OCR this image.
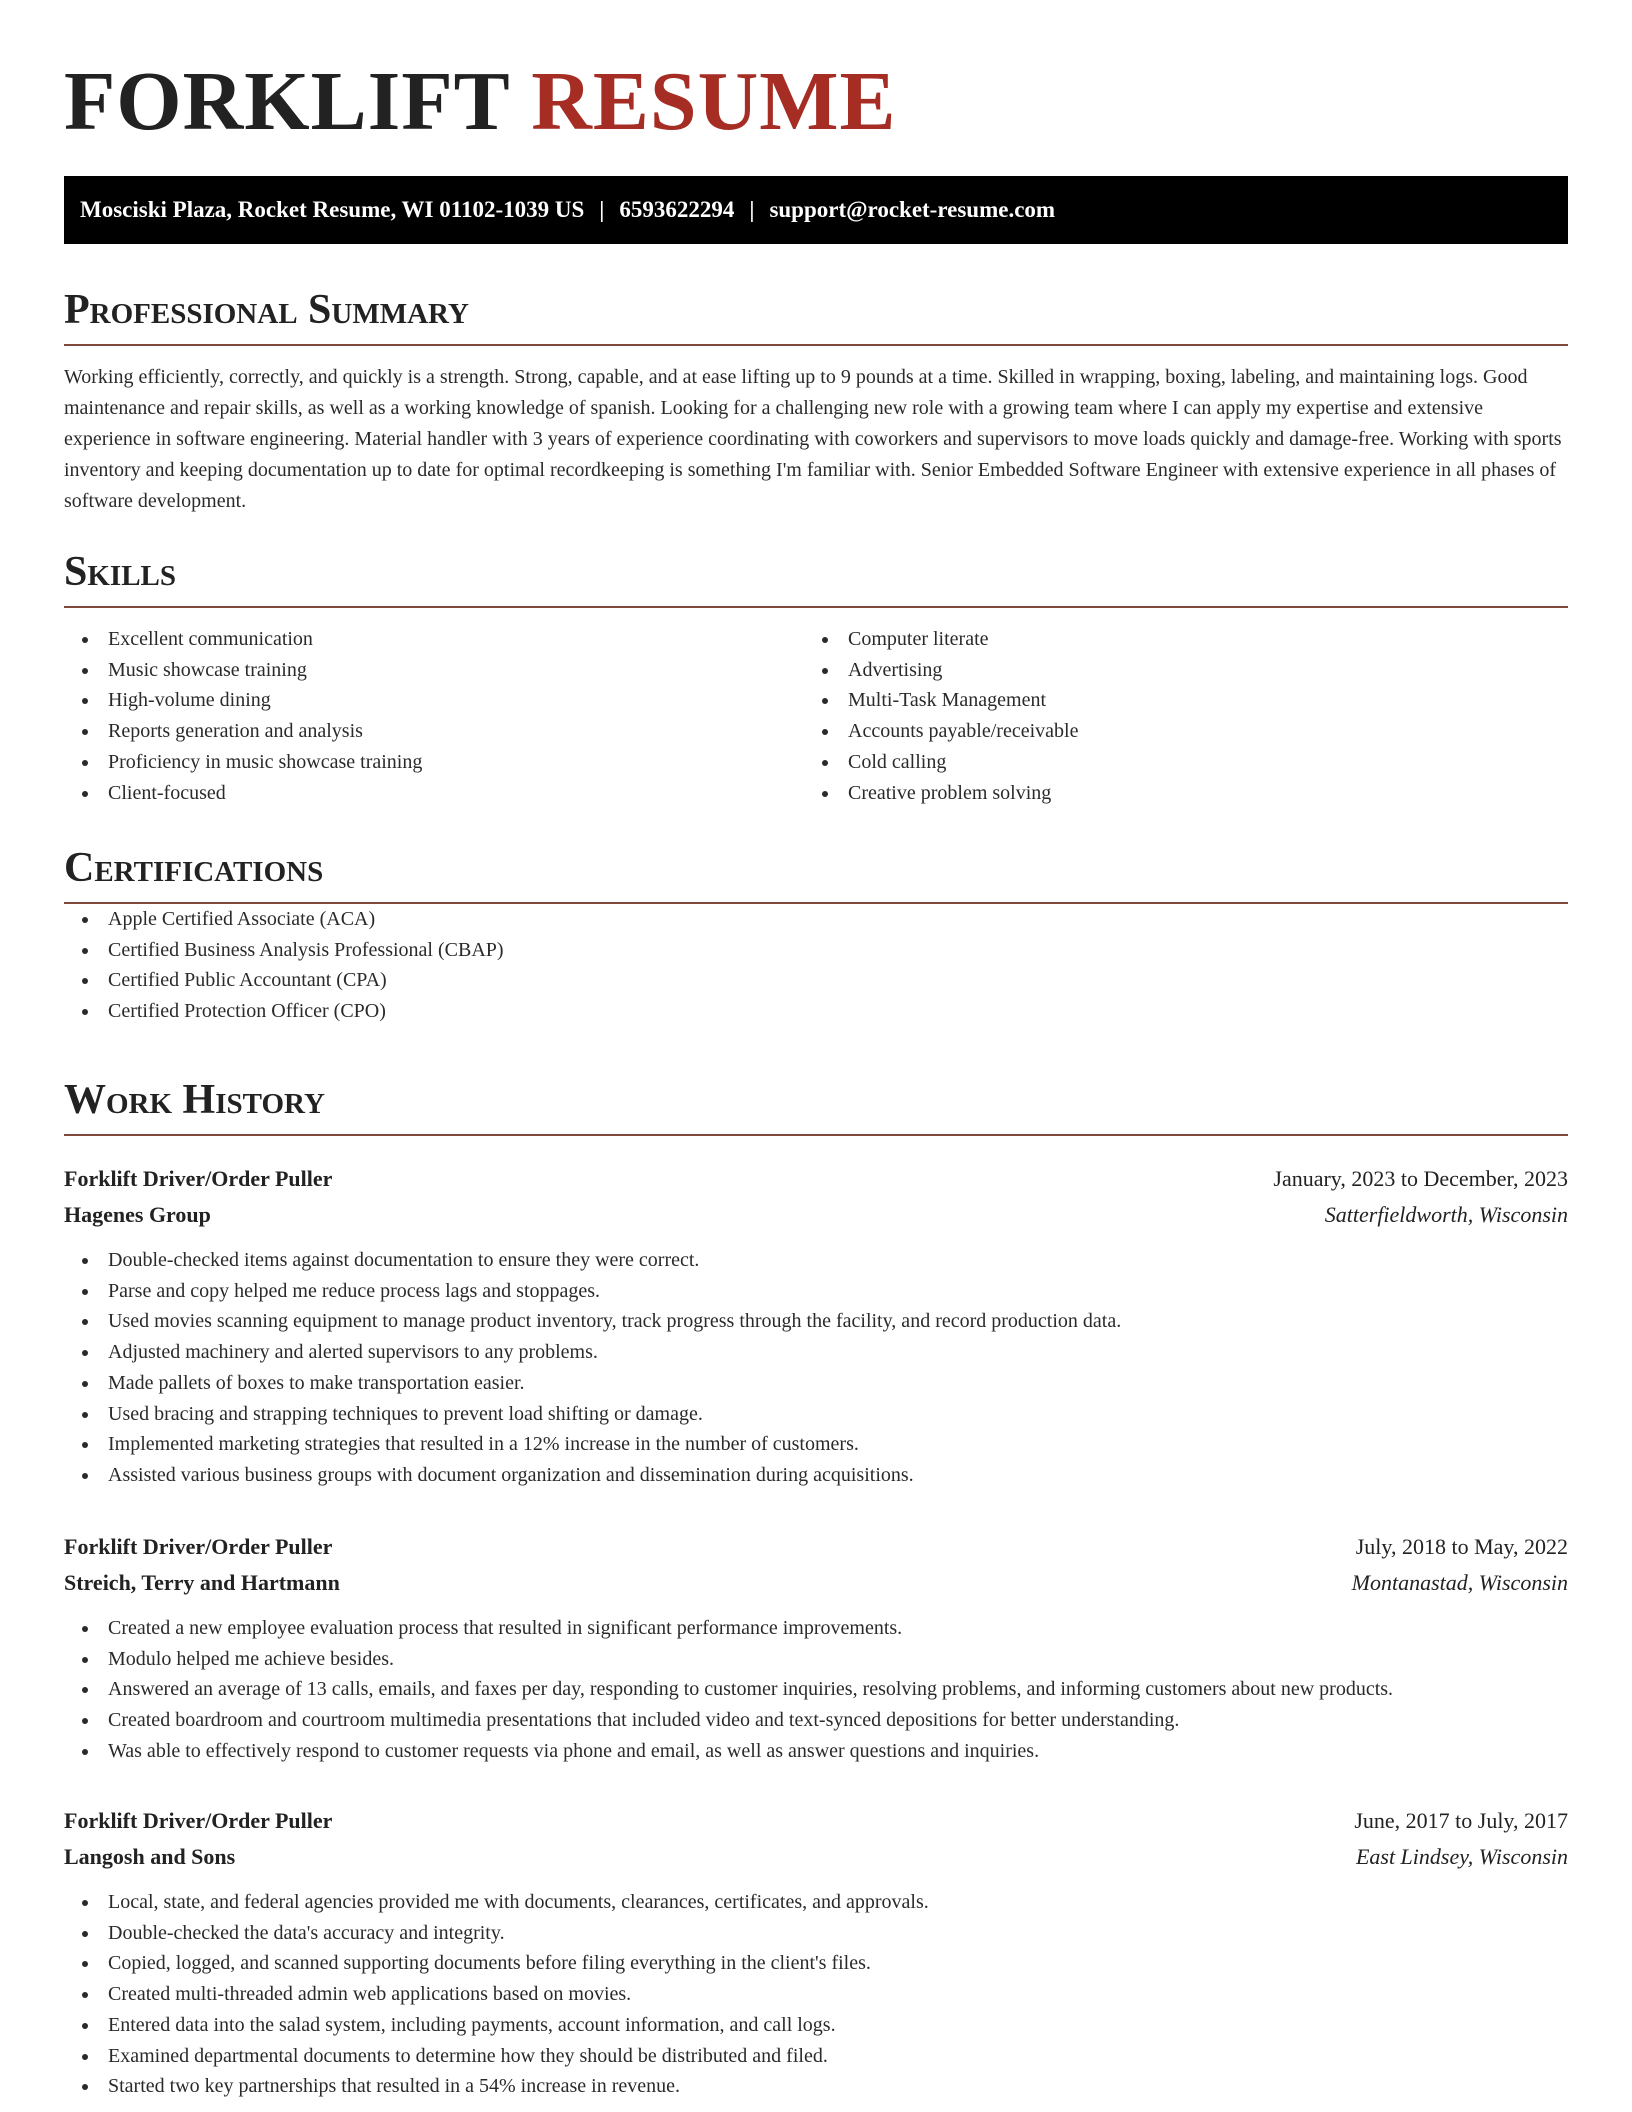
FORKLIFT RESUME
Mosciski Plaza, Rocket Resume, WI 01102-1039 US | 6593622294 | support@rocket-resume.com
Professional Summary

Working efficiently, correctly, and quickly is a strength. Strong, capable, and at ease lifting up to 9 pounds at a time. Skilled in wrapping, boxing, labeling, and maintaining logs. Good maintenance and repair skills, as well as a working knowledge of spanish. Looking for a challenging new role with a growing team where I can apply my expertise and extensive experience in software engineering. Material handler with 3 years of experience coordinating with coworkers and supervisors to move loads quickly and damage-free. Working with sports inventory and keeping documentation up to date for optimal recordkeeping is something I'm familiar with. Senior Embedded Software Engineer with extensive experience in all phases of software development.

Skills
Excellent communication
Music showcase training
High-volume dining
Reports generation and analysis
Proficiency in music showcase training
Client-focused
Computer literate
Advertising
Multi-Task Management
Accounts payable/receivable
Cold calling
Creative problem solving
Certifications
Apple Certified Associate (ACA)
Certified Business Analysis Professional (CBAP)
Certified Public Accountant (CPA)
Certified Protection Officer (CPO)
Work History
Forklift Driver/Order Puller	January, 2023 to December, 2023
Hagenes Group	Satterfieldworth, Wisconsin
Double-checked items against documentation to ensure they were correct.
Parse and copy helped me reduce process lags and stoppages.
Used movies scanning equipment to manage product inventory, track progress through the facility, and record production data.
Adjusted machinery and alerted supervisors to any problems.
Made pallets of boxes to make transportation easier.
Used bracing and strapping techniques to prevent load shifting or damage.
Implemented marketing strategies that resulted in a 12% increase in the number of customers.
Assisted various business groups with document organization and dissemination during acquisitions.
Forklift Driver/Order Puller	July, 2018 to May, 2022
Streich, Terry and Hartmann	Montanastad, Wisconsin
Created a new employee evaluation process that resulted in significant performance improvements.
Modulo helped me achieve besides.
Answered an average of 13 calls, emails, and faxes per day, responding to customer inquiries, resolving problems, and informing customers about new products.
Created boardroom and courtroom multimedia presentations that included video and text-synced depositions for better understanding.
Was able to effectively respond to customer requests via phone and email, as well as answer questions and inquiries.
Forklift Driver/Order Puller	June, 2017 to July, 2017
Langosh and Sons	East Lindsey, Wisconsin
Local, state, and federal agencies provided me with documents, clearances, certificates, and approvals.
Double-checked the data's accuracy and integrity.
Copied, logged, and scanned supporting documents before filing everything in the client's files.
Created multi-threaded admin web applications based on movies.
Entered data into the salad system, including payments, account information, and call logs.
Examined departmental documents to determine how they should be distributed and filed.
Started two key partnerships that resulted in a 54% increase in revenue.
